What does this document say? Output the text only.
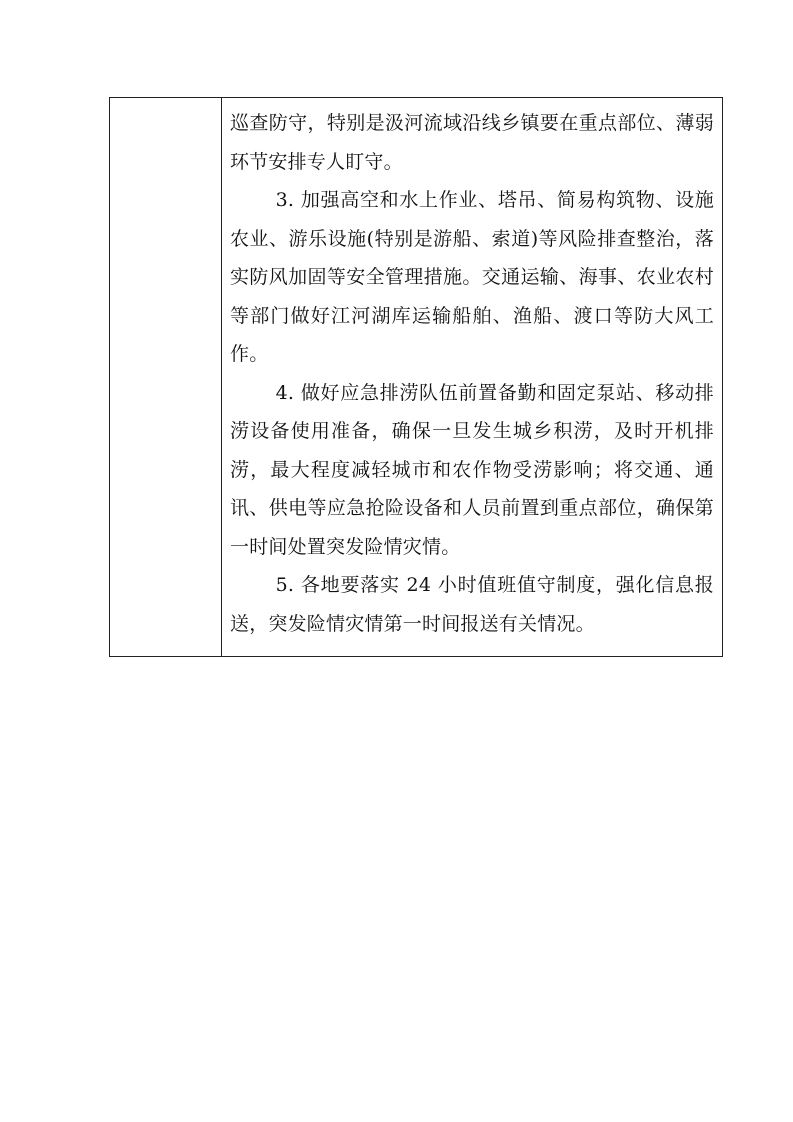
巡查防守，特别是汲河流域沿线乡镇要在重点部位、薄弱环节安排专人盯守。

3. 加强高空和水上作业、塔吊、简易构筑物、设施农业、游乐设施(特别是游船、索道)等风险排查整治，落实防风加固等安全管理措施。交通运输、海事、农业农村等部门做好江河湖库运输船舶、渔船、渡口等防大风工作。

4. 做好应急排涝队伍前置备勤和固定泵站、移动排涝设备使用准备，确保一旦发生城乡积涝，及时开机排涝，最大程度减轻城市和农作物受涝影响；将交通、通讯、供电等应急抢险设备和人员前置到重点部位，确保第一时间处置突发险情灾情。

5. 各地要落实 24 小时值班值守制度，强化信息报送，突发险情灾情第一时间报送有关情况。
